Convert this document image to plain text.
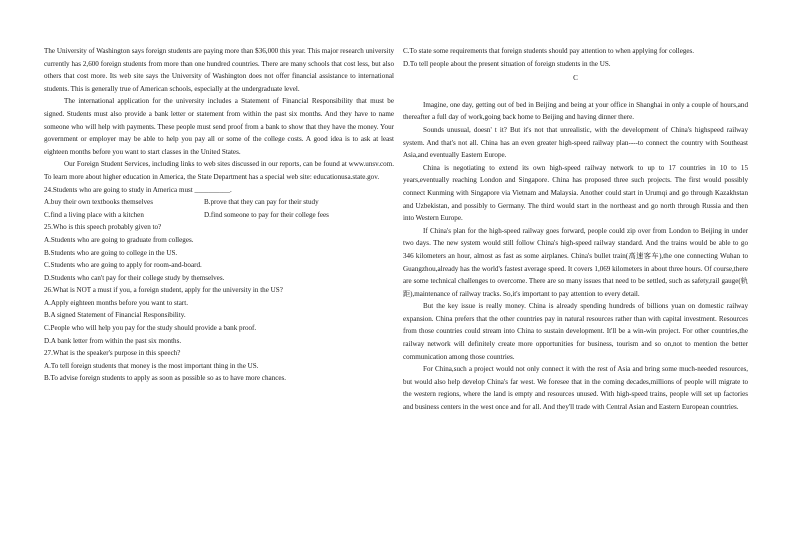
The University of Washington says foreign students are paying more than $36,000 this year. This major research university currently has 2,600 foreign students from more than one hundred countries. There are many schools that cost less, but also others that cost more. Its web site says the University of Washington does not offer financial assistance to international students. This is generally true of American schools, especially at the undergraduate level.

The international application for the university includes a Statement of Financial Responsibility that must be signed. Students must also provide a bank letter or statement from within the past six months. And they have to name someone who will help with payments. These people must send proof from a bank to show that they have the money. Your government or employer may be able to help you pay all or some of the college costs. A good idea is to ask at least eighteen months before you want to start classes in the United States.

Our Foreign Student Services, including links to web sites discussed in our reports, can be found at www.unsv.com. To learn more about higher education in America, the State Department has a special web site: educationusa.state.gov.

24.Students who are going to study in America must __________.

A.buy their own textbooks themselves	B.prove that they can pay for their study
C.find a living place with a kitchen	D.find someone to pay for their college fees

25.Who is this speech probably given to?

A.Students who are going to graduate from colleges.

B.Students who are going to college in the US.

C.Students who are going to apply for room-and-board.

D.Students who can't pay for their college study by themselves.

26.What is NOT a must if you, a foreign student, apply for the university in the US?

A.Apply eighteen months before you want to start.

B.A signed Statement of Financial Responsibility.

C.People who will help you pay for the study should provide a bank proof.

D.A bank letter from within the past six months.

27.What is the speaker's purpose in this speech?

A.To tell foreign students that money is the most important thing in the US.

B.To advise foreign students to apply as soon as possible so as to have more chances.

C.To state some requirements that foreign students should pay attention to when applying for colleges.

D.To tell people about the present situation of foreign students in the US.

C

Imagine, one day, getting out of bed in Beijing and being at your office in Shanghai in only a couple of hours,and thereafter a full day of work,going back home to Beijing and having dinner there.

Sounds unusual, doesn' t it? But it's not that unrealistic, with the development of China's highspeed railway system. And that's not all. China has an even greater high-speed railway plan----to connect the country with Southeast Asia,and eventually Eastern Europe.

China is negotiating to extend its own high-speed railway network to up to 17 countries in 10 to 15 years,eventually reaching London and Singapore. China has proposed three such projects. The first would possibly connect Kunming with Singapore via Vietnam and Malaysia. Another could start in Urumqi and go through Kazakhstan and Uzbekistan, and possibly to Germany. The third would start in the northeast and go north through Russia and then into Western Europe.

If China's plan for the high-speed railway goes forward, people could zip over from London to Beijing in under two days. The new system would still follow China's high-speed railway standard. And the trains would be able to go 346 kilometers an hour, almost as fast as some airplanes. China's bullet train(高速客车),the one connecting Wuhan to Guangzhou,already has the world's fastest average speed. It covers 1,069 kilometers in about three hours. Of course,there are some technical challenges to overcome. There are so many issues that need to be settled, such as safety,rail gauge(轨距),maintenance of railway tracks. So,it's important to pay attention to every detail.

But the key issue is really money. China is already spending hundreds of billions yuan on domestic railway expansion. China prefers that the other countries pay in natural resources rather than with capital investment. Resources from those countries could stream into China to sustain development. It'll be a win-win project. For other countries,the railway network will definitely create more opportunities for business, tourism and so on,not to mention the better communication among those countries.

For China,such a project would not only connect it with the rest of Asia and bring some much-needed resources, but would also help develop China's far west. We foresee that in the coming decades,millions of people will migrate to the western regions, where the land is empty and resources unused. With high-speed trains, people will set up factories and business centers in the west once and for all. And they'll trade with Central Asian and Eastern European countries.
